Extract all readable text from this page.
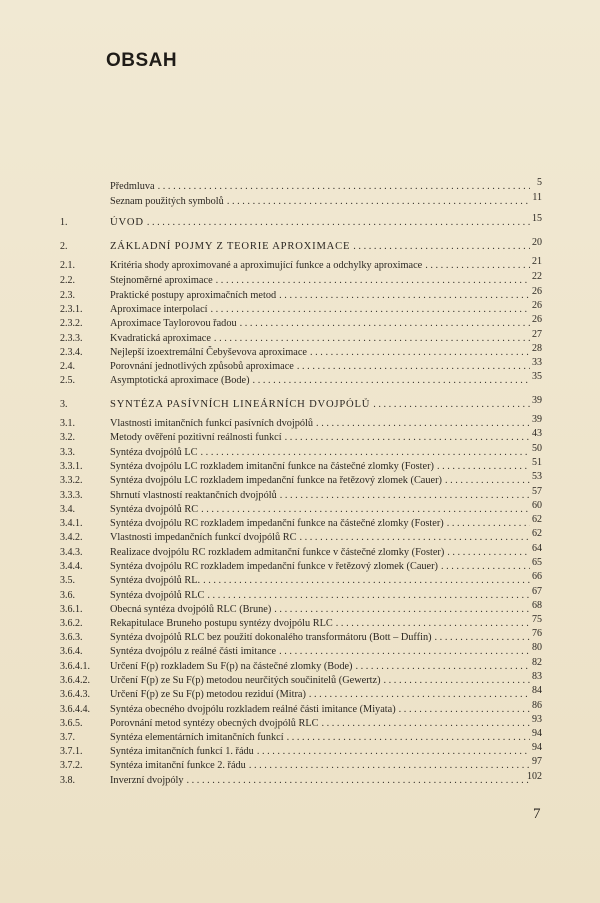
OBSAH
Předmluva . . .	5
Seznam použitých symbolů . . .	11
1.	ÚVOD . . .	15
2.	ZÁKLADNÍ POJMY Z TEORIE APROXIMACE . . .	20
2.1.	Kritéria shody aproximované a aproximující funkce a odchylky aproximace . . .	21
2.2.	Stejnoměrné aproximace . . .	22
2.3.	Praktické postupy aproximačních metod . . .	26
2.3.1.	Aproximace interpolací . . .	26
2.3.2.	Aproximace Taylorovou řadou . . .	26
2.3.3.	Kvadratická aproximace . . .	27
2.3.4.	Nejlepší izoextremální Čebyševova aproximace . . .	28
2.4.	Porovnání jednotlivých způsobů aproximace . . .	33
2.5.	Asymptotická aproximace (Bode) . . .	35
3.	SYNTÉZA PASÍVNÍCH LINEÁRNÍCH DVOJPÓLŮ . . .	39
3.1.	Vlastnosti imitančních funkcí pasívních dvojpólů . . .	39
3.2.	Metody ověření pozitivní reálnosti funkcí . . .	43
3.3.	Syntéza dvojpólů LC . . .	50
3.3.1.	Syntéza dvojpólu LC rozkladem imitanční funkce na částečné zlomky (Foster) . . .	51
3.3.2.	Syntéza dvojpólu LC rozkladem impedanční funkce na řetězový zlomek (Cauer) . . .	53
3.3.3.	Shrnutí vlastností reaktančních dvojpólů . . .	57
3.4.	Syntéza dvojpólů RC . . .	60
3.4.1.	Syntéza dvojpólu RC rozkladem impedanční funkce na částečné zlomky (Foster) . . .	62
3.4.2.	Vlastnosti impedančních funkcí dvojpólů RC . . .	62
3.4.3.	Realizace dvojpólu RC rozkladem admitanční funkce v částečné zlomky (Foster) . . .	64
3.4.4.	Syntéza dvojpólu RC rozkladem impedanční funkce v řetězový zlomek (Cauer) . . .	65
3.5.	Syntéza dvojpólů RL. . . .	66
3.6.	Syntéza dvojpólů RLC . . .	67
3.6.1.	Obecná syntéza dvojpólů RLC (Brune) . . .	68
3.6.2.	Rekapitulace Bruneho postupu syntézy dvojpólu RLC . . .	75
3.6.3.	Syntéza dvojpólů RLC bez použití dokonalého transformátoru (Bott – Duffin) . . .	76
3.6.4.	Syntéza dvojpólu z reálné části imitance . . .	80
3.6.4.1. Určení F(p) rozkladem Su F(p) na částečné zlomky (Bode) . . .	82
3.6.4.2. Určení F(p) ze Su F(p) metodou neurčitých součinitelů (Gewertz) . . .	83
3.6.4.3. Určení F(p) ze Su F(p) metodou reziduí (Mitra) . . .	84
3.6.4.4. Syntéza obecného dvojpólu rozkladem reálné části imitance (Miyata) . . .	86
3.6.5.	Porovnání metod syntézy obecných dvojpólů RLC . . .	93
3.7.	Syntéza elementárních imitančních funkcí . . .	94
3.7.1.	Syntéza imitančních funkcí 1. řádu . . .	94
3.7.2.	Syntéza imitanční funkce 2. řádu . . .	97
3.8.	Inverzní dvojpóly . . .	102
7
